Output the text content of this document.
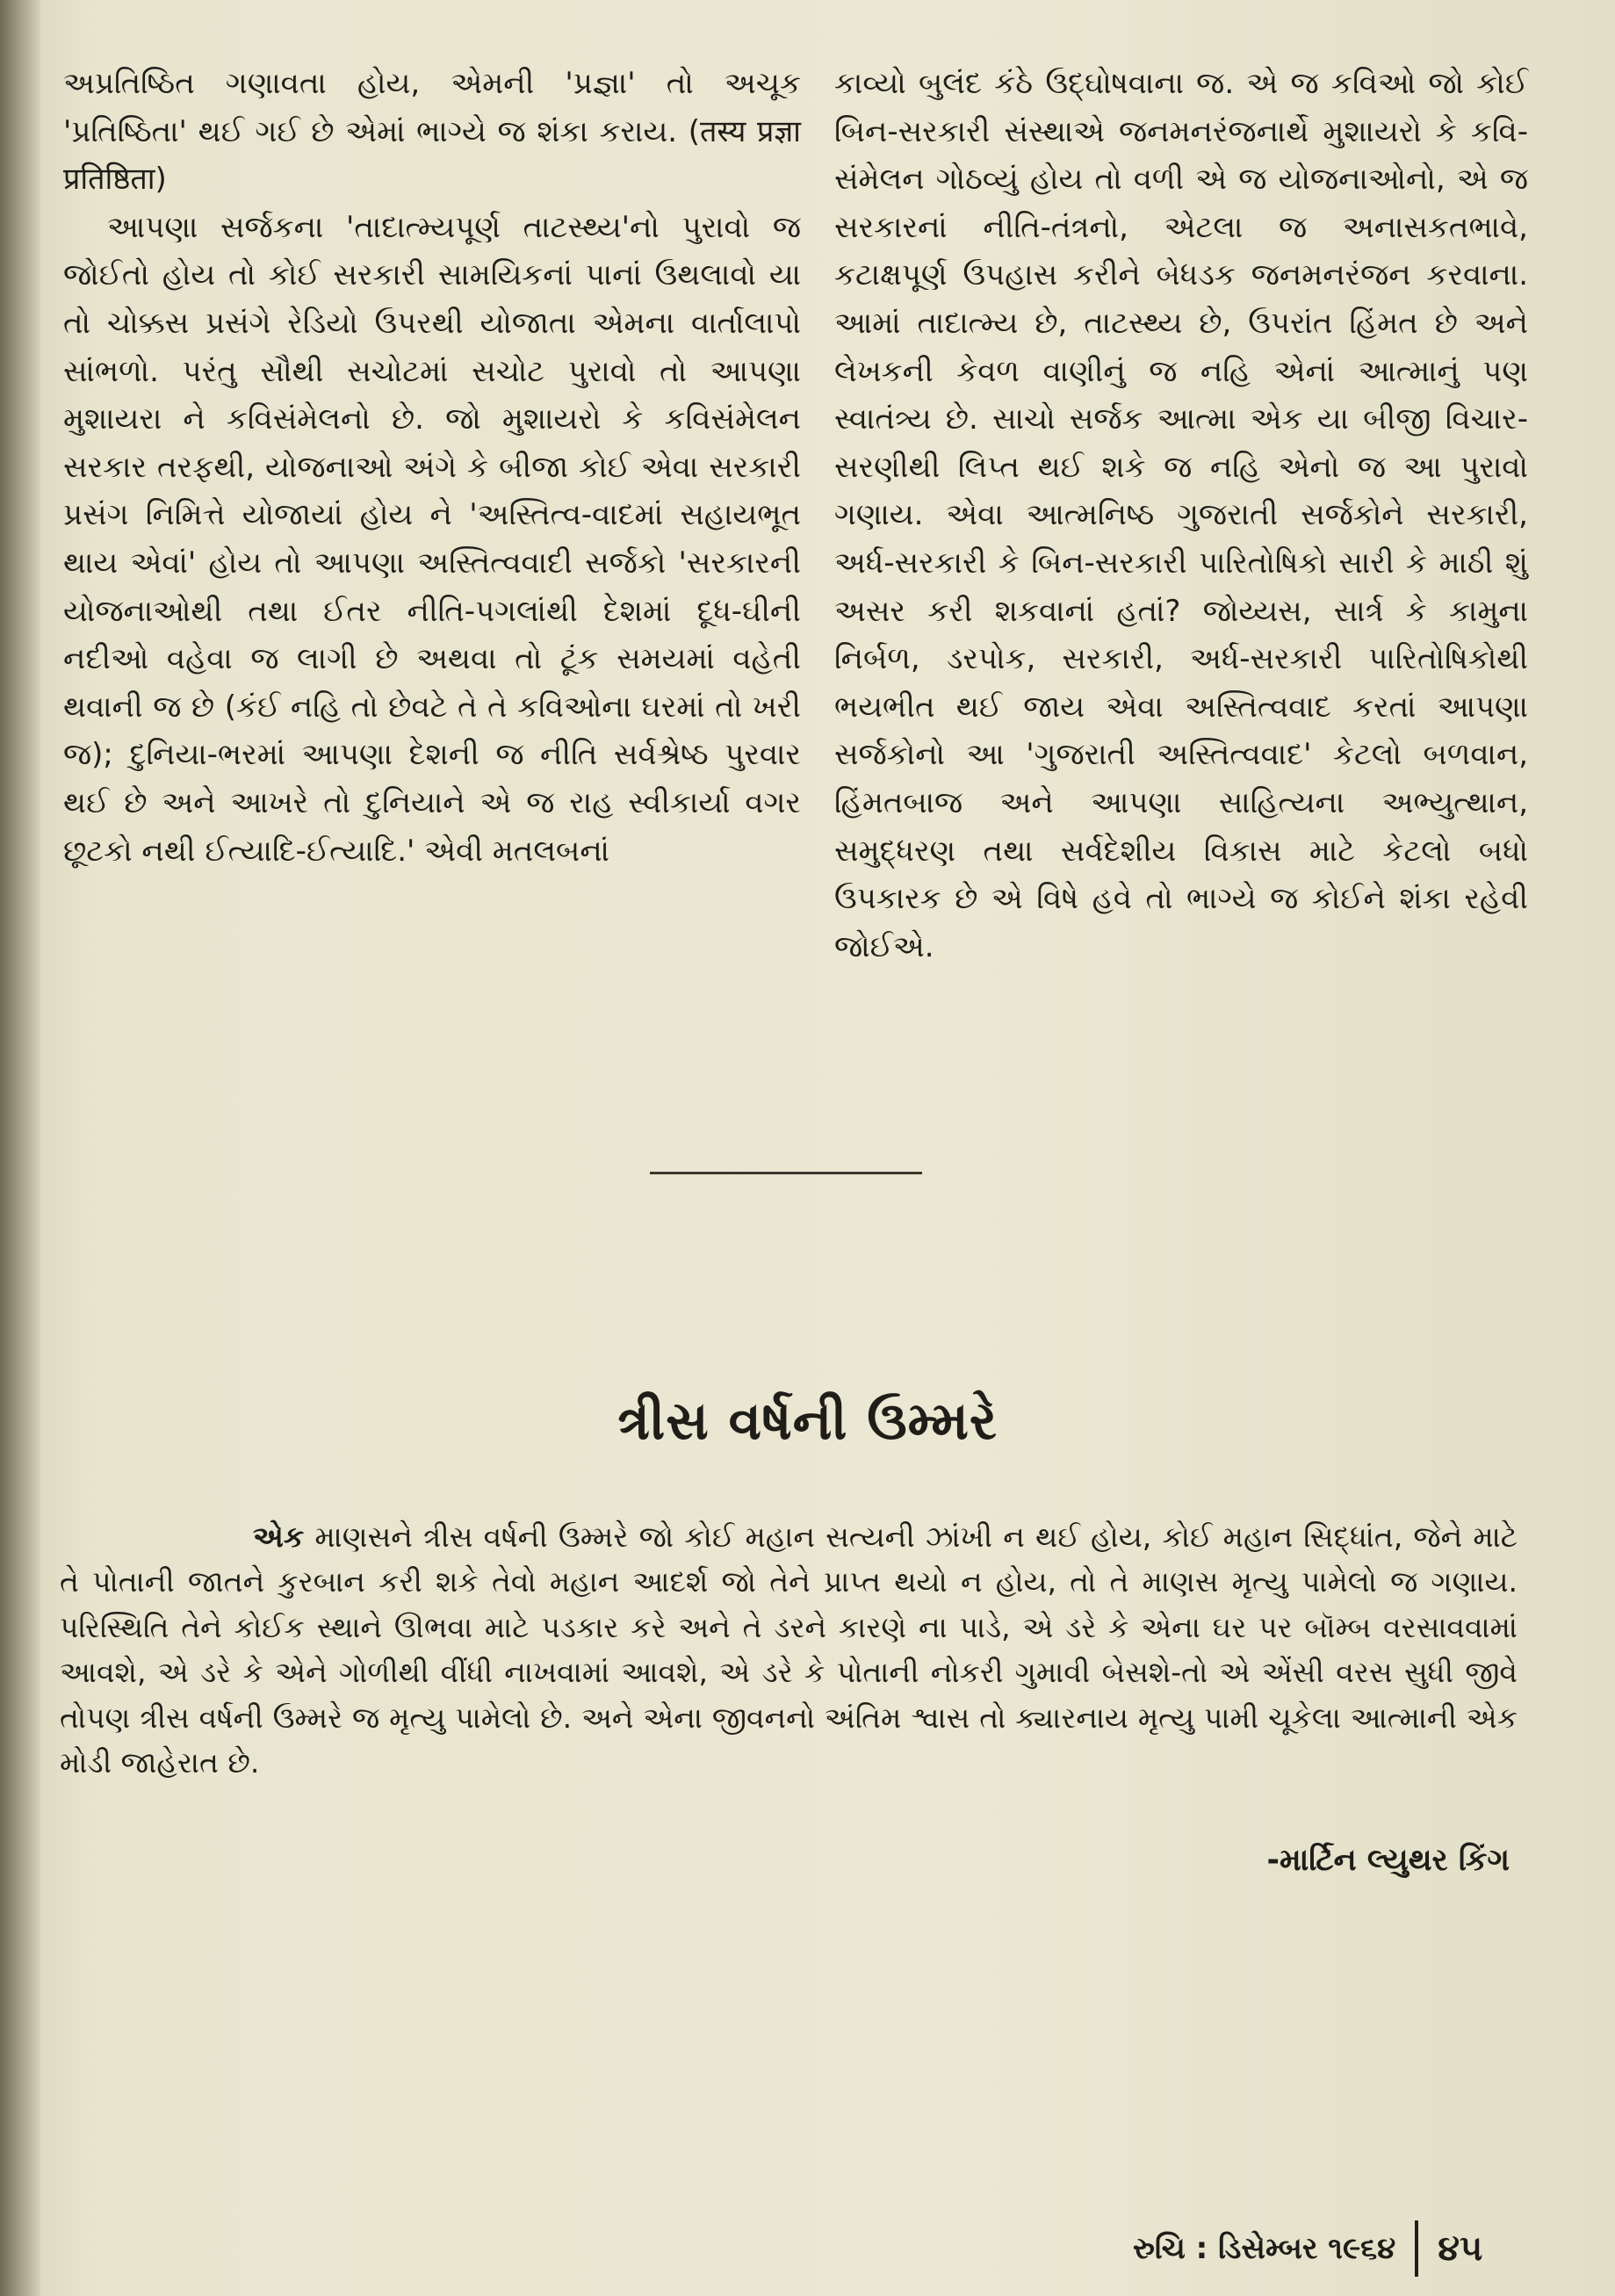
અપ્રતિષ્ઠિત ગણાવતા હોય, એમની 'પ્રજ્ઞા' તો અચૂક 'પ્રતિષ્ઠિતા' થઈ ગઈ છે એમાં ભાગ્યે જ શંકા કરાય. (तस्य प्रज्ञा प्रतिष्ठिता)

આપણા સર્જકના 'તાદાત્મ્યપૂર્ણ તાટસ્થ્ય'નો પુરાવો જ જોઈતો હોય તો કોઈ સરકારી સામયિકનાં પાનાં ઉથલાવો યા તો ચોક્કસ પ્રસંગે રેડિયો ઉપરથી યોજાતા એમના વાર્તાલાપો સાંભળો. પરંતુ સૌથી સચોટમાં સચોટ પુરાવો તો આપણા મુશાયરા ને કવિસંમેલનો છે. જો મુશાયરો કે કવિસંમેલન સરકાર તરફથી, યોજનાઓ અંગે કે બીજા કોઈ એવા સરકારી પ્રસંગ નિમિત્તે યોજાયાં હોય ને 'અસ્તિત્વ-વાદમાં સહાયભૂત થાય એવાં' હોય તો આપણા અસ્તિત્વવાદી સર્જકો 'સરકારની યોજનાઓથી તથા ઈતર નીતિ-પગલાંથી દેશમાં દૂધ-ઘીની નદીઓ વહેવા જ લાગી છે અથવા તો ટૂંક સમયમાં વહેતી થવાની જ છે (કંઈ નહિ તો છેવટે તે તે કવિઓના ઘરમાં તો ખરી જ); દુનિયા-ભરમાં આપણા દેશની જ નીતિ સર્વશ્રેષ્ઠ પુરવાર થઈ છે અને આખરે તો દુનિયાને એ જ રાહ સ્વીકાર્યા વગર છૂટકો નથી ઈત્યાદિ-ઈત્યાદિ.' એવી મતલબનાં

કાવ્યો બુલંદ કંઠે ઉદ્ઘોષવાના જ. એ જ કવિઓ જો કોઈ બિન-સરકારી સંસ્થાએ જનમનરંજનાર્થે મુશાયરો કે કવિ-સંમેલન ગોઠવ્યું હોય તો વળી એ જ યોજનાઓનો, એ જ સરકારનાં નીતિ-તંત્રનો, એટલા જ અનાસકતભાવે, કટાક્ષપૂર્ણ ઉપહાસ કરીને બેધડક જનમનરંજન કરવાના. આમાં તાદાત્મ્ય છે, તાટસ્થ્ય છે, ઉપરાંત હિંમત છે અને લેખકની કેવળ વાણીનું જ નહિ એનાં આત્માનું પણ સ્વાતંત્ર્ય છે. સાચો સર્જક આત્મા એક યા બીજી વિચાર-સરણીથી લિપ્ત થઈ શકે જ નહિ એનો જ આ પુરાવો ગણાય. એવા આત્મનિષ્ઠ ગુજરાતી સર્જકોને સરકારી, અર્ધ-સરકારી કે બિન-સરકારી પારિતોષિકો સારી કે માઠી શું અસર કરી શકવાનાં હતાં? જોય્યસ, સાર્ત્ર કે કામુના નિર્બળ, ડરપોક, સરકારી, અર્ધ-સરકારી પારિતોષિકોથી ભયભીત થઈ જાય એવા અસ્તિત્વવાદ કરતાં આપણા સર્જકોનો આ 'ગુજરાતી અસ્તિત્વવાદ' કેટલો બળવાન, હિંમતબાજ અને આપણા સાહિત્યના અભ્યુત્થાન, સમુદ્ધરણ તથા સર્વદેશીય વિકાસ માટે કેટલો બધો ઉપકારક છે એ વિષે હવે તો ભાગ્યે જ કોઈને શંકા રહેવી જોઈએ.

ત્રીસ વર્ષની ઉમ્મરે

એક માણસને ત્રીસ વર્ષની ઉમ્મરે જો કોઈ મહાન સત્યની ઝાંખી ન થઈ હોય, કોઈ મહાન સિદ્ધાંત, જેને માટે તે પોતાની જાતને કુરબાન કરી શકે તેવો મહાન આદર્શ જો તેને પ્રાપ્ત થયો ન હોય, તો તે માણસ મૃત્યુ પામેલો જ ગણાય. પરિસ્થિતિ તેને કોઈક સ્થાને ઊભવા માટે પડકાર કરે અને તે ડરને કારણે ના પાડે, એ ડરે કે એના ઘર પર બૉમ્બ વરસાવવામાં આવશે, એ ડરે કે એને ગોળીથી વીંધી નાખવામાં આવશે, એ ડરે કે પોતાની નોકરી ગુમાવી બેસશે-તો એ એંસી વરસ સુધી જીવે તોપણ ત્રીસ વર્ષની ઉમ્મરે જ મૃત્યુ પામેલો છે. અને એના જીવનનો અંતિમ શ્વાસ તો ક્યારનાય મૃત્યુ પામી ચૂકેલા આત્માની એક મોડી જાહેરાત છે.

-માર્ટિન લ્યુથર કિંગ
રુચિ : ડિસેમ્બર ૧૯૬૪ ૪૫
